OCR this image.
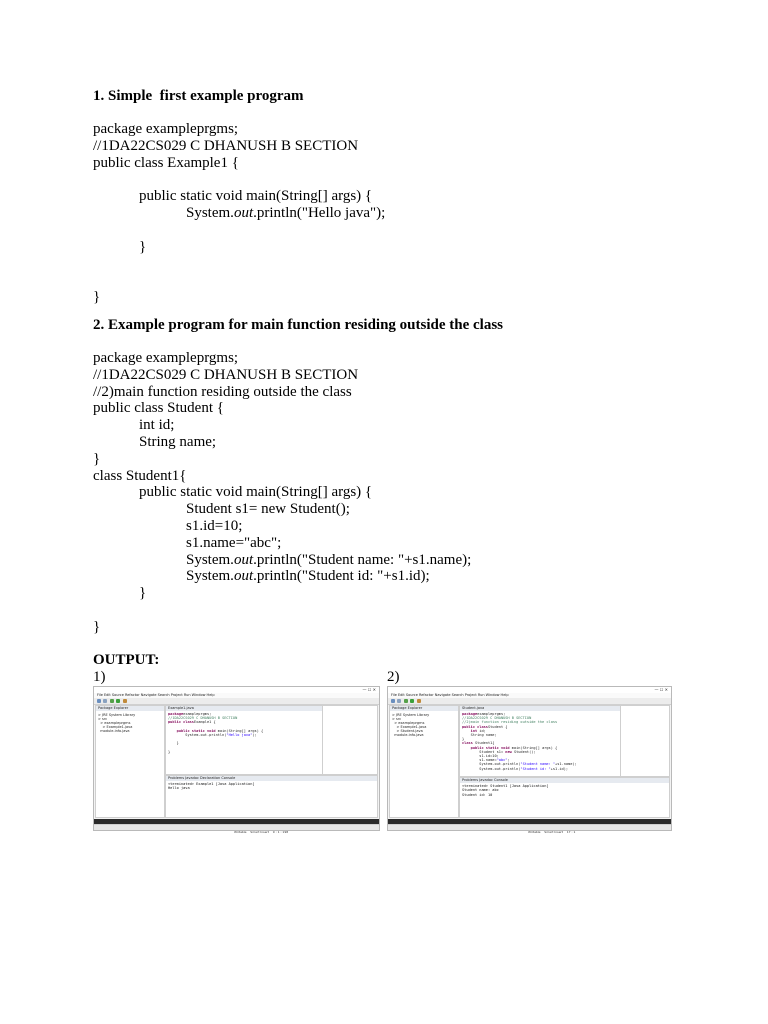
1. Simple  first example program
package exampleprgms;
//1DA22CS029 C DHANUSH B SECTION
public class Example1 {

public static void main(String[] args) {
System.out.println("Hello java");

}

}
2. Example program for main function residing outside the class
package exampleprgms;
//1DA22CS029 C DHANUSH B SECTION
//2)main function residing outside the class
public class Student {
int id;
String name;
}
class Student1{
public static void main(String[] args) {
Student s1= new Student();
s1.id=10;
s1.name="abc";
System.out.println("Student name: "+s1.name);
System.out.println("Student id: "+s1.id);
}

}
OUTPUT:
1)	2)
— ☐ ✕
File Edit Source Refactor Navigate Search Project Run Window Help
Package Explorer
> JRE System Library
> src
> exampleprgms
> Example1.java
module-info.java
Example1.java
packageexampleprgms;
//1DA22CS029 C DHANUSH B SECTION
public classExample1 {

public static void main(String[] args) {
System.out.println("Hello java");

}

}
Problems Javadoc Declaration Console
<terminated> Example1 [Java Application]
Hello java

Writable    Smart Insert    9 : 1 : 198

— ☐ ✕
File Edit Source Refactor Navigate Search Project Run Window Help
Package Explorer
> JRE System Library
> src
> exampleprgms
> Example1.java
> Student.java
module-info.java
Student.java
packageexampleprgms;
//1DA22CS029 C DHANUSH B SECTION
//2)main function residing outside the class
public classStudent {
int id;
String name;
}
class Student1{
public static void main(String[] args) {
Student s1= new Student();
s1.id=10;
s1.name="abc";
System.out.println("Student name: "+s1.name);
System.out.println("Student id: "+s1.id);
Problems Javadoc Console
<terminated> Student1 [Java Application]
Student name: abc
Student id: 10

Writable    Smart Insert    17 : 1
